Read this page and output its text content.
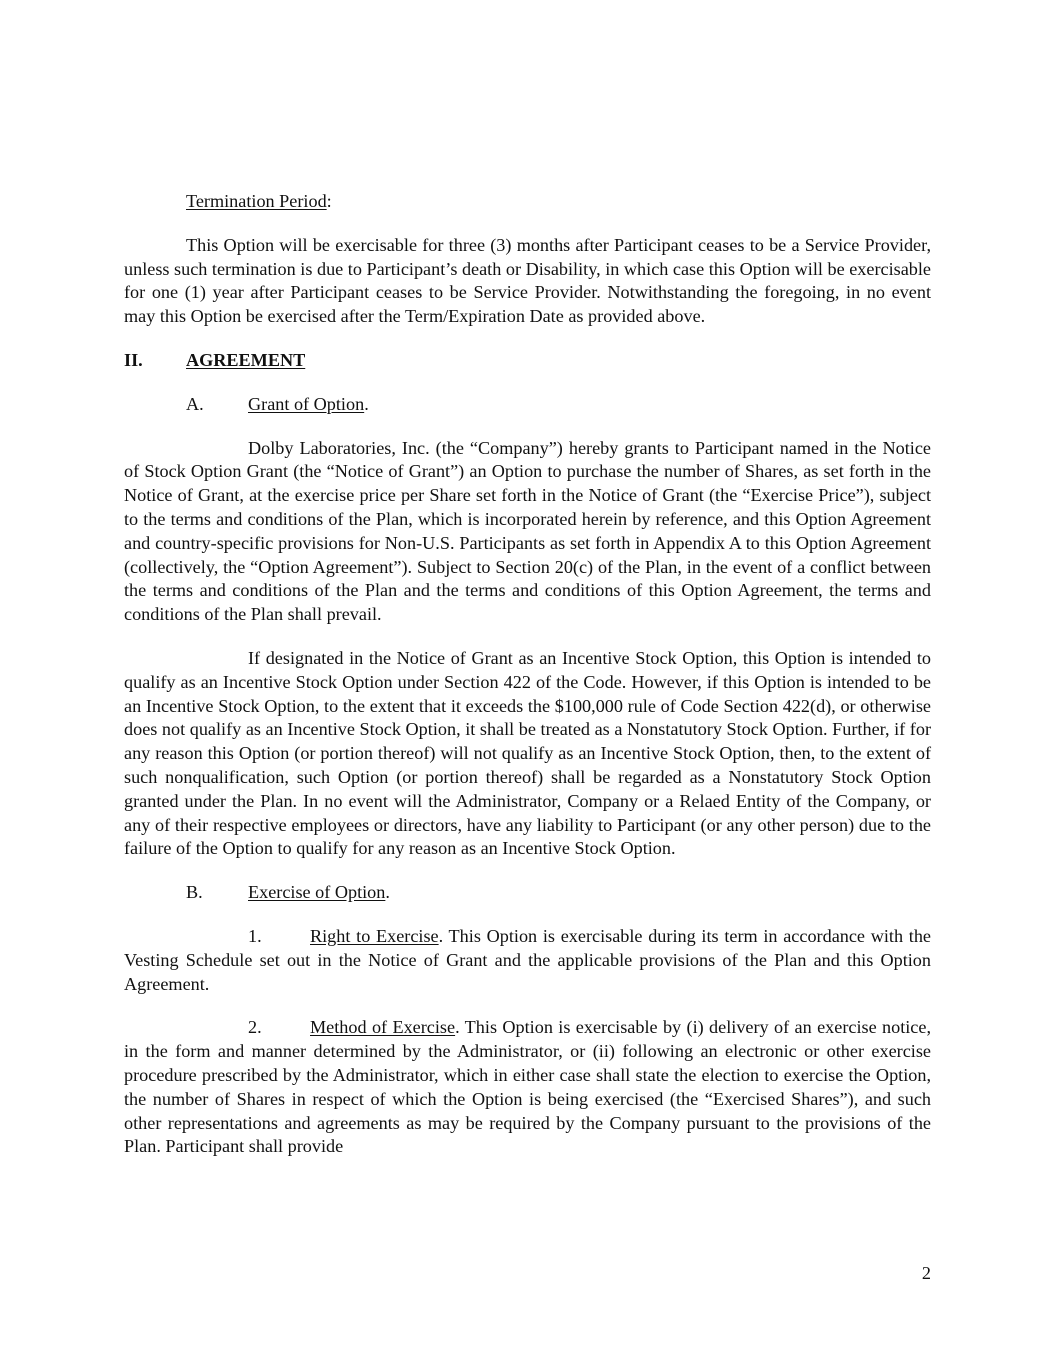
Termination Period:

This Option will be exercisable for three (3) months after Participant ceases to be a Service Provider, unless such termination is due to Participant’s death or Disability, in which case this Option will be exercisable for one (1) year after Participant ceases to be Service Provider. Notwithstanding the foregoing, in no event may this Option be exercised after the Term/Expiration Date as provided above.

II.	AGREEMENT
A.	Grant of Option.

Dolby Laboratories, Inc. (the “Company”) hereby grants to Participant named in the Notice of Stock Option Grant (the “Notice of Grant”) an Option to purchase the number of Shares, as set forth in the Notice of Grant, at the exercise price per Share set forth in the Notice of Grant (the “Exercise Price”), subject to the terms and conditions of the Plan, which is incorporated herein by reference, and this Option Agreement and country-specific provisions for Non-U.S. Participants as set forth in Appendix A to this Option Agreement (collectively, the “Option Agreement”). Subject to Section 20(c) of the Plan, in the event of a conflict between the terms and conditions of the Plan and the terms and conditions of this Option Agreement, the terms and conditions of the Plan shall prevail.

If designated in the Notice of Grant as an Incentive Stock Option, this Option is intended to qualify as an Incentive Stock Option under Section 422 of the Code. However, if this Option is intended to be an Incentive Stock Option, to the extent that it exceeds the $100,000 rule of Code Section 422(d), or otherwise does not qualify as an Incentive Stock Option, it shall be treated as a Nonstatutory Stock Option. Further, if for any reason this Option (or portion thereof) will not qualify as an Incentive Stock Option, then, to the extent of such nonqualification, such Option (or portion thereof) shall be regarded as a Nonstatutory Stock Option granted under the Plan. In no event will the Administrator, Company or a Relaed Entity of the Company, or any of their respective employees or directors, have any liability to Participant (or any other person) due to the failure of the Option to qualify for any reason as an Incentive Stock Option.

B.	Exercise of Option.

1.	Right to Exercise. This Option is exercisable during its term in accordance with the Vesting Schedule set out in the Notice of Grant and the applicable provisions of the Plan and this Option Agreement.

2.	Method of Exercise. This Option is exercisable by (i) delivery of an exercise notice, in the form and manner determined by the Administrator, or (ii) following an electronic or other exercise procedure prescribed by the Administrator, which in either case shall state the election to exercise the Option, the number of Shares in respect of which the Option is being exercised (the “Exercised Shares”), and such other representations and agreements as may be required by the Company pursuant to the provisions of the Plan. Participant shall provide

2
